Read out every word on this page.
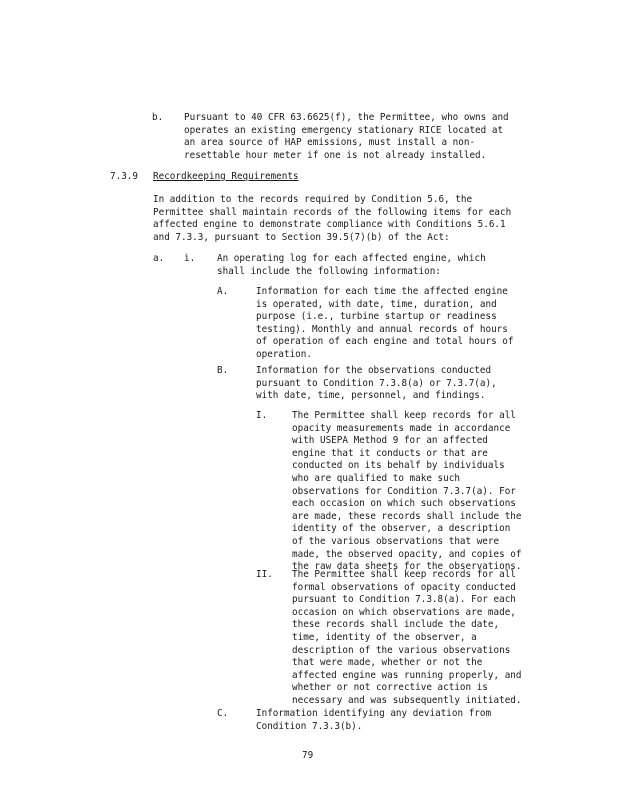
b. Pursuant to 40 CFR 63.6625(f), the Permittee, who owns and
operates an existing emergency stationary RICE located at
an area source of HAP emissions, must install a non-
resettable hour meter if one is not already installed.
7.3.9 Recordkeeping Requirements
In addition to the records required by Condition 5.6, the
Permittee shall maintain records of the following items for each
affected engine to demonstrate compliance with Conditions 5.6.1
and 7.3.3, pursuant to Section 39.5(7)(b) of the Act:
a. i. An operating log for each affected engine, which
shall include the following information:
A.	Information for each time the affected engine
is operated, with date, time, duration, and
purpose (i.e., turbine startup or readiness
testing). Monthly and annual records of hours
of operation of each engine and total hours of
operation.
B.	Information for the observations conducted
pursuant to Condition 7.3.8(a) or 7.3.7(a),
with date, time, personnel, and findings.
I.	The Permittee shall keep records for all
opacity measurements made in accordance
with USEPA Method 9 for an affected
engine that it conducts or that are
conducted on its behalf by individuals
who are qualified to make such
observations for Condition 7.3.7(a). For
each occasion on which such observations
are made, these records shall include the
identity of the observer, a description
of the various observations that were
made, the observed opacity, and copies of
the raw data sheets for the observations.
II. The Permittee shall keep records for all
formal observations of opacity conducted
pursuant to Condition 7.3.8(a). For each
occasion on which observations are made,
these records shall include the date,
time, identity of the observer, a
description of the various observations
that were made, whether or not the
affected engine was running properly, and
whether or not corrective action is
necessary and was subsequently initiated.
C.	Information identifying any deviation from
Condition 7.3.3(b).
79
